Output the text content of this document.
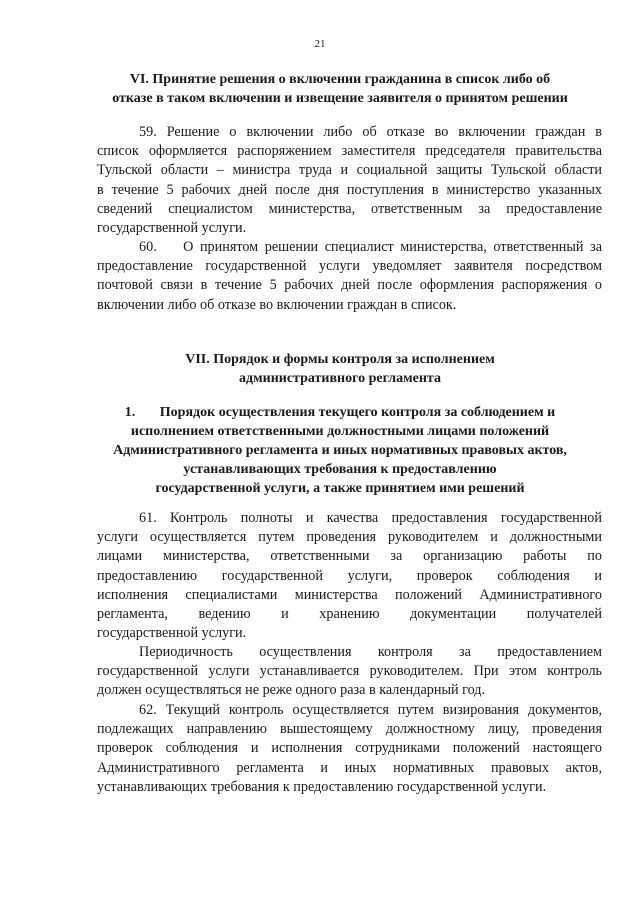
21
VI. Принятие решения о включении гражданина в список либо об
отказе в таком включении и извещение заявителя о принятом решении
59. Решение о включении либо об отказе во включении граждан в
список оформляется распоряжением заместителя председателя правительства
Тульской области – министра труда и социальной защиты Тульской области
в течение 5 рабочих дней после дня поступления в министерство указанных
сведений специалистом министерства, ответственным за предоставление
государственной услуги.
60.    О принятом решении специалист министерства, ответственный за
предоставление государственной услуги уведомляет заявителя посредством
почтовой связи в течение 5 рабочих дней после оформления распоряжения о
включении либо об отказе во включении граждан в список.
VII. Порядок и формы контроля за исполнением
административного регламента
1.       Порядок осуществления текущего контроля за соблюдением и
исполнением ответственными должностными лицами положений
Административного регламента и иных нормативных правовых актов,
устанавливающих требования к предоставлению
государственной услуги, а также принятием ими решений
61. Контроль полноты и качества предоставления государственной
услуги осуществляется путем проведения руководителем и должностными
лицами министерства, ответственными за организацию работы по
предоставлению государственной услуги, проверок соблюдения и
исполнения специалистами министерства положений Административного
регламента, ведению и хранению документации получателей
государственной услуги.
Периодичность осуществления контроля за предоставлением
государственной услуги устанавливается руководителем. При этом контроль
должен осуществляться не реже одного раза в календарный год.
62. Текущий контроль осуществляется путем визирования документов,
подлежащих направлению вышестоящему должностному лицу, проведения
проверок соблюдения и исполнения сотрудниками положений настоящего
Административного регламента и иных нормативных правовых актов,
устанавливающих требования к предоставлению государственной услуги.
